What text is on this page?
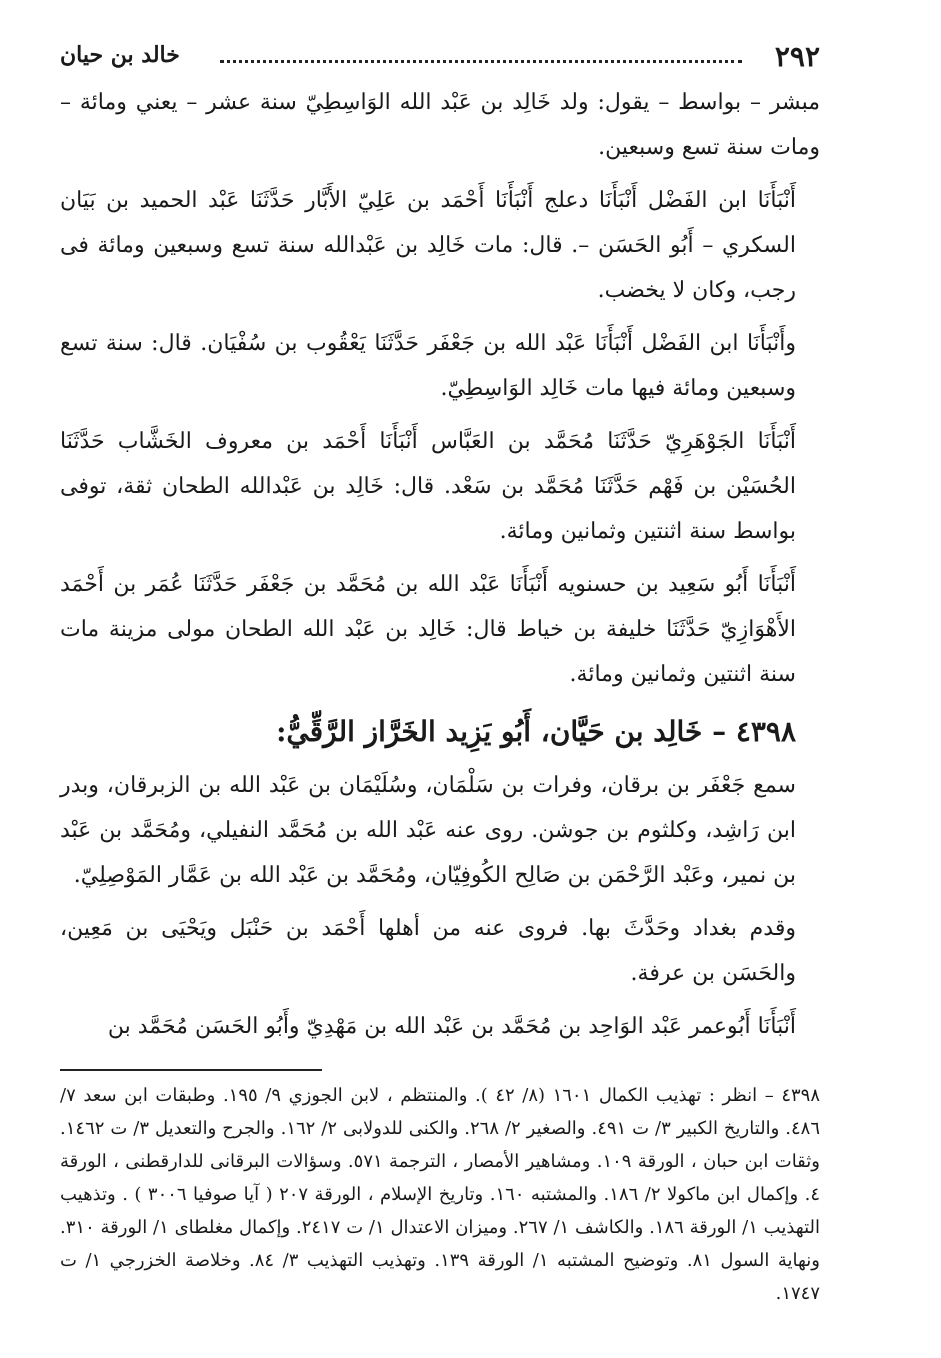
٢٩٢
خالد بن حيان

مبشر – بواسط – يقول: ولد خَالِد بن عَبْد الله الوَاسِطِيّ سنة عشر – يعني ومائة – ومات سنة تسع وسبعين.

أَنْبَأَنَا ابن الفَضْل أَنْبَأَنَا دعلج أَنْبَأَنَا أَحْمَد بن عَلِيّ الأَبَّار حَدَّثَنَا عَبْد الحميد بن بَيَان السكري – أَبُو الحَسَن –. قال: مات خَالِد بن عَبْدالله سنة تسع وسبعين ومائة فى رجب، وكان لا يخضب.

وأَنْبَأَنَا ابن الفَضْل أَنْبَأَنَا عَبْد الله بن جَعْفَر حَدَّثَنَا يَعْقُوب بن سُفْيَان. قال: سنة تسع وسبعين ومائة فيها مات خَالِد الوَاسِطِيّ.

أَنْبَأَنَا الجَوْهَرِيّ حَدَّثَنَا مُحَمَّد بن العَبَّاس أَنْبَأَنَا أَحْمَد بن معروف الخَشَّاب حَدَّثَنَا الحُسَيْن بن فَهْم حَدَّثَنَا مُحَمَّد بن سَعْد. قال: خَالِد بن عَبْدالله الطحان ثقة، توفى بواسط سنة اثنتين وثمانين ومائة.

أَنْبَأَنَا أَبُو سَعِيد بن حسنويه أَنْبَأَنَا عَبْد الله بن مُحَمَّد بن جَعْفَر حَدَّثَنَا عُمَر بن أَحْمَد الأَهْوَازِيّ حَدَّثَنَا خليفة بن خياط قال: خَالِد بن عَبْد الله الطحان مولى مزينة مات سنة اثنتين وثمانين ومائة.

٤٣٩٨ – خَالِد بن حَيَّان، أَبُو يَزِيد الخَرَّاز الرَّقِّيُّ:

سمع جَعْفَر بن برقان، وفرات بن سَلْمَان، وسُلَيْمَان بن عَبْد الله بن الزبرقان، وبدر ابن رَاشِد، وكلثوم بن جوشن. روى عنه عَبْد الله بن مُحَمَّد النفيلي، ومُحَمَّد بن عَبْد بن نمير، وعَبْد الرَّحْمَن بن صَالِح الكُوفِيّان، ومُحَمَّد بن عَبْد الله بن عَمَّار المَوْصِلِيّ.

وقدم بغداد وحَدَّثَ بها. فروى عنه من أهلها أَحْمَد بن حَنْبَل ويَحْيَى بن مَعِين، والحَسَن بن عرفة.

أَنْبَأَنَا أَبُوعمر عَبْد الوَاحِد بن مُحَمَّد بن عَبْد الله بن مَهْدِيّ وأَبُو الحَسَن مُحَمَّد بن

٤٣٩٨ – انظر : تهذيب الكمال ١٦٠١ (٨/ ٤٢ ). والمنتظم ، لابن الجوزي ٩/ ١٩٥. وطبقات ابن سعد ٧/ ٤٨٦. والتاريخ الكبير ٣/ ت ٤٩١. والصغير ٢/ ٢٦٨. والكنى للدولابى ٢/ ١٦٢. والجرح والتعديل ٣/ ت ١٤٦٢. وثقات ابن حبان ، الورقة ١٠٩. ومشاهير الأمصار ، الترجمة ٥٧١. وسؤالات البرقانى للدارقطنى ، الورقة ٤. وإكمال ابن ماكولا ٢/ ١٨٦. والمشتبه ١٦٠. وتاريخ الإسلام ، الورقة ٢٠٧ ( آيا صوفيا ٣٠٠٦ ) . وتذهيب التهذيب ١/ الورقة ١٨٦. والكاشف ١/ ٢٦٧. وميزان الاعتدال ١/ ت ٢٤١٧. وإكمال مغلطاى ١/ الورقة ٣١٠. ونهاية السول ٨١. وتوضيح المشتبه ١/ الورقة ١٣٩. وتهذيب التهذيب ٣/ ٨٤. وخلاصة الخزرجي ١/ ت ١٧٤٧.
